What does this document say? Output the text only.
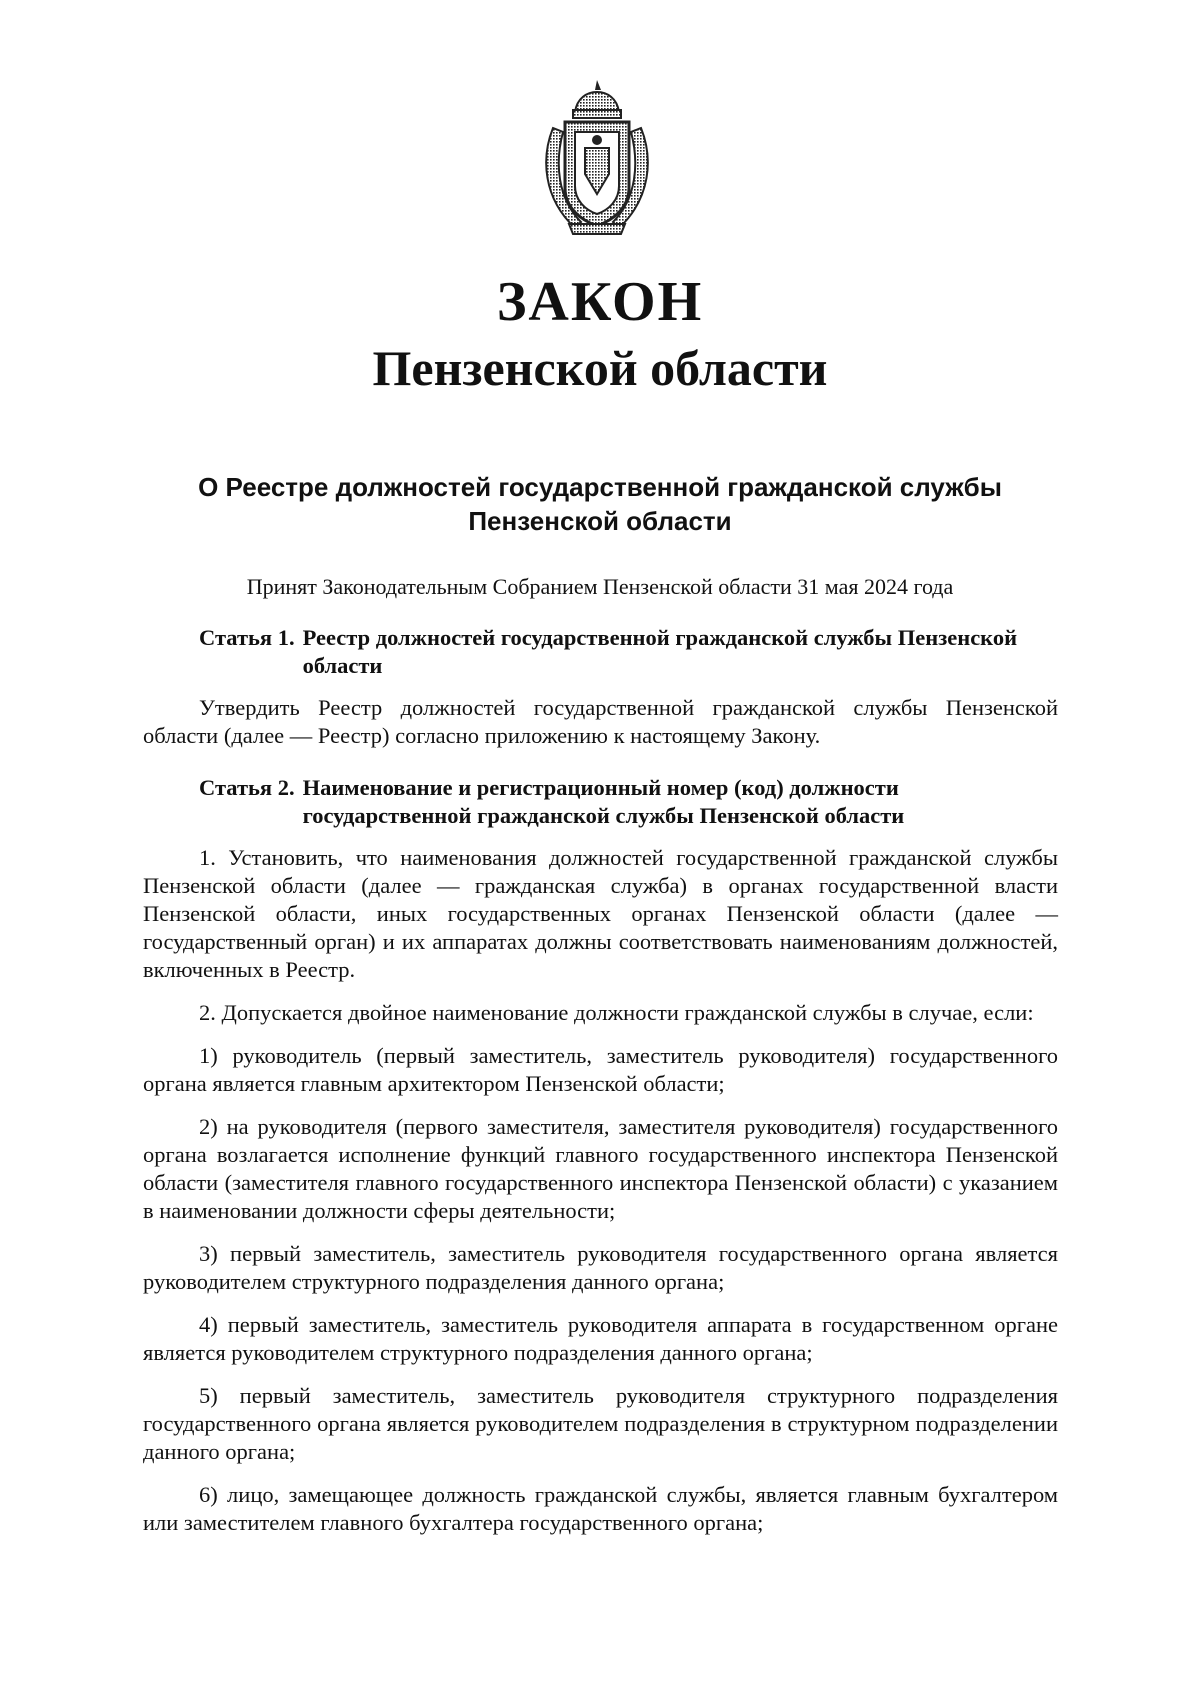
ЗАКОН
Пензенской области
О Реестре должностей государственной гражданской службы Пензенской области
Принят Законодательным Собранием Пензенской области 31 мая 2024 года
Статья 1. Реестр должностей государственной гражданской службы Пензенской области

Утвердить Реестр должностей государственной гражданской службы Пензенской области (далее — Реестр) согласно приложению к настоящему Закону.

Статья 2. Наименование и регистрационный номер (код) должности государственной гражданской службы Пензенской области

1. Установить, что наименования должностей государственной гражданской службы Пензенской области (далее — гражданская служба) в органах государственной власти Пензенской области, иных государственных органах Пензенской области (далее — государственный орган) и их аппаратах должны соответствовать наименованиям должностей, включенных в Реестр.

2. Допускается двойное наименование должности гражданской службы в случае, если:

1) руководитель (первый заместитель, заместитель руководителя) государственного органа является главным архитектором Пензенской области;

2) на руководителя (первого заместителя, заместителя руководителя) государственного органа возлагается исполнение функций главного государственного инспектора Пензенской области (заместителя главного государственного инспектора Пензенской области) с указанием в наименовании должности сферы деятельности;

3) первый заместитель, заместитель руководителя государственного органа является руководителем структурного подразделения данного органа;

4) первый заместитель, заместитель руководителя аппарата в государственном органе является руководителем структурного подразделения данного органа;

5) первый заместитель, заместитель руководителя структурного подразделения государственного органа является руководителем подразделения в структурном подразделении данного органа;

6) лицо, замещающее должность гражданской службы, является главным бухгалтером или заместителем главного бухгалтера государственного органа;
